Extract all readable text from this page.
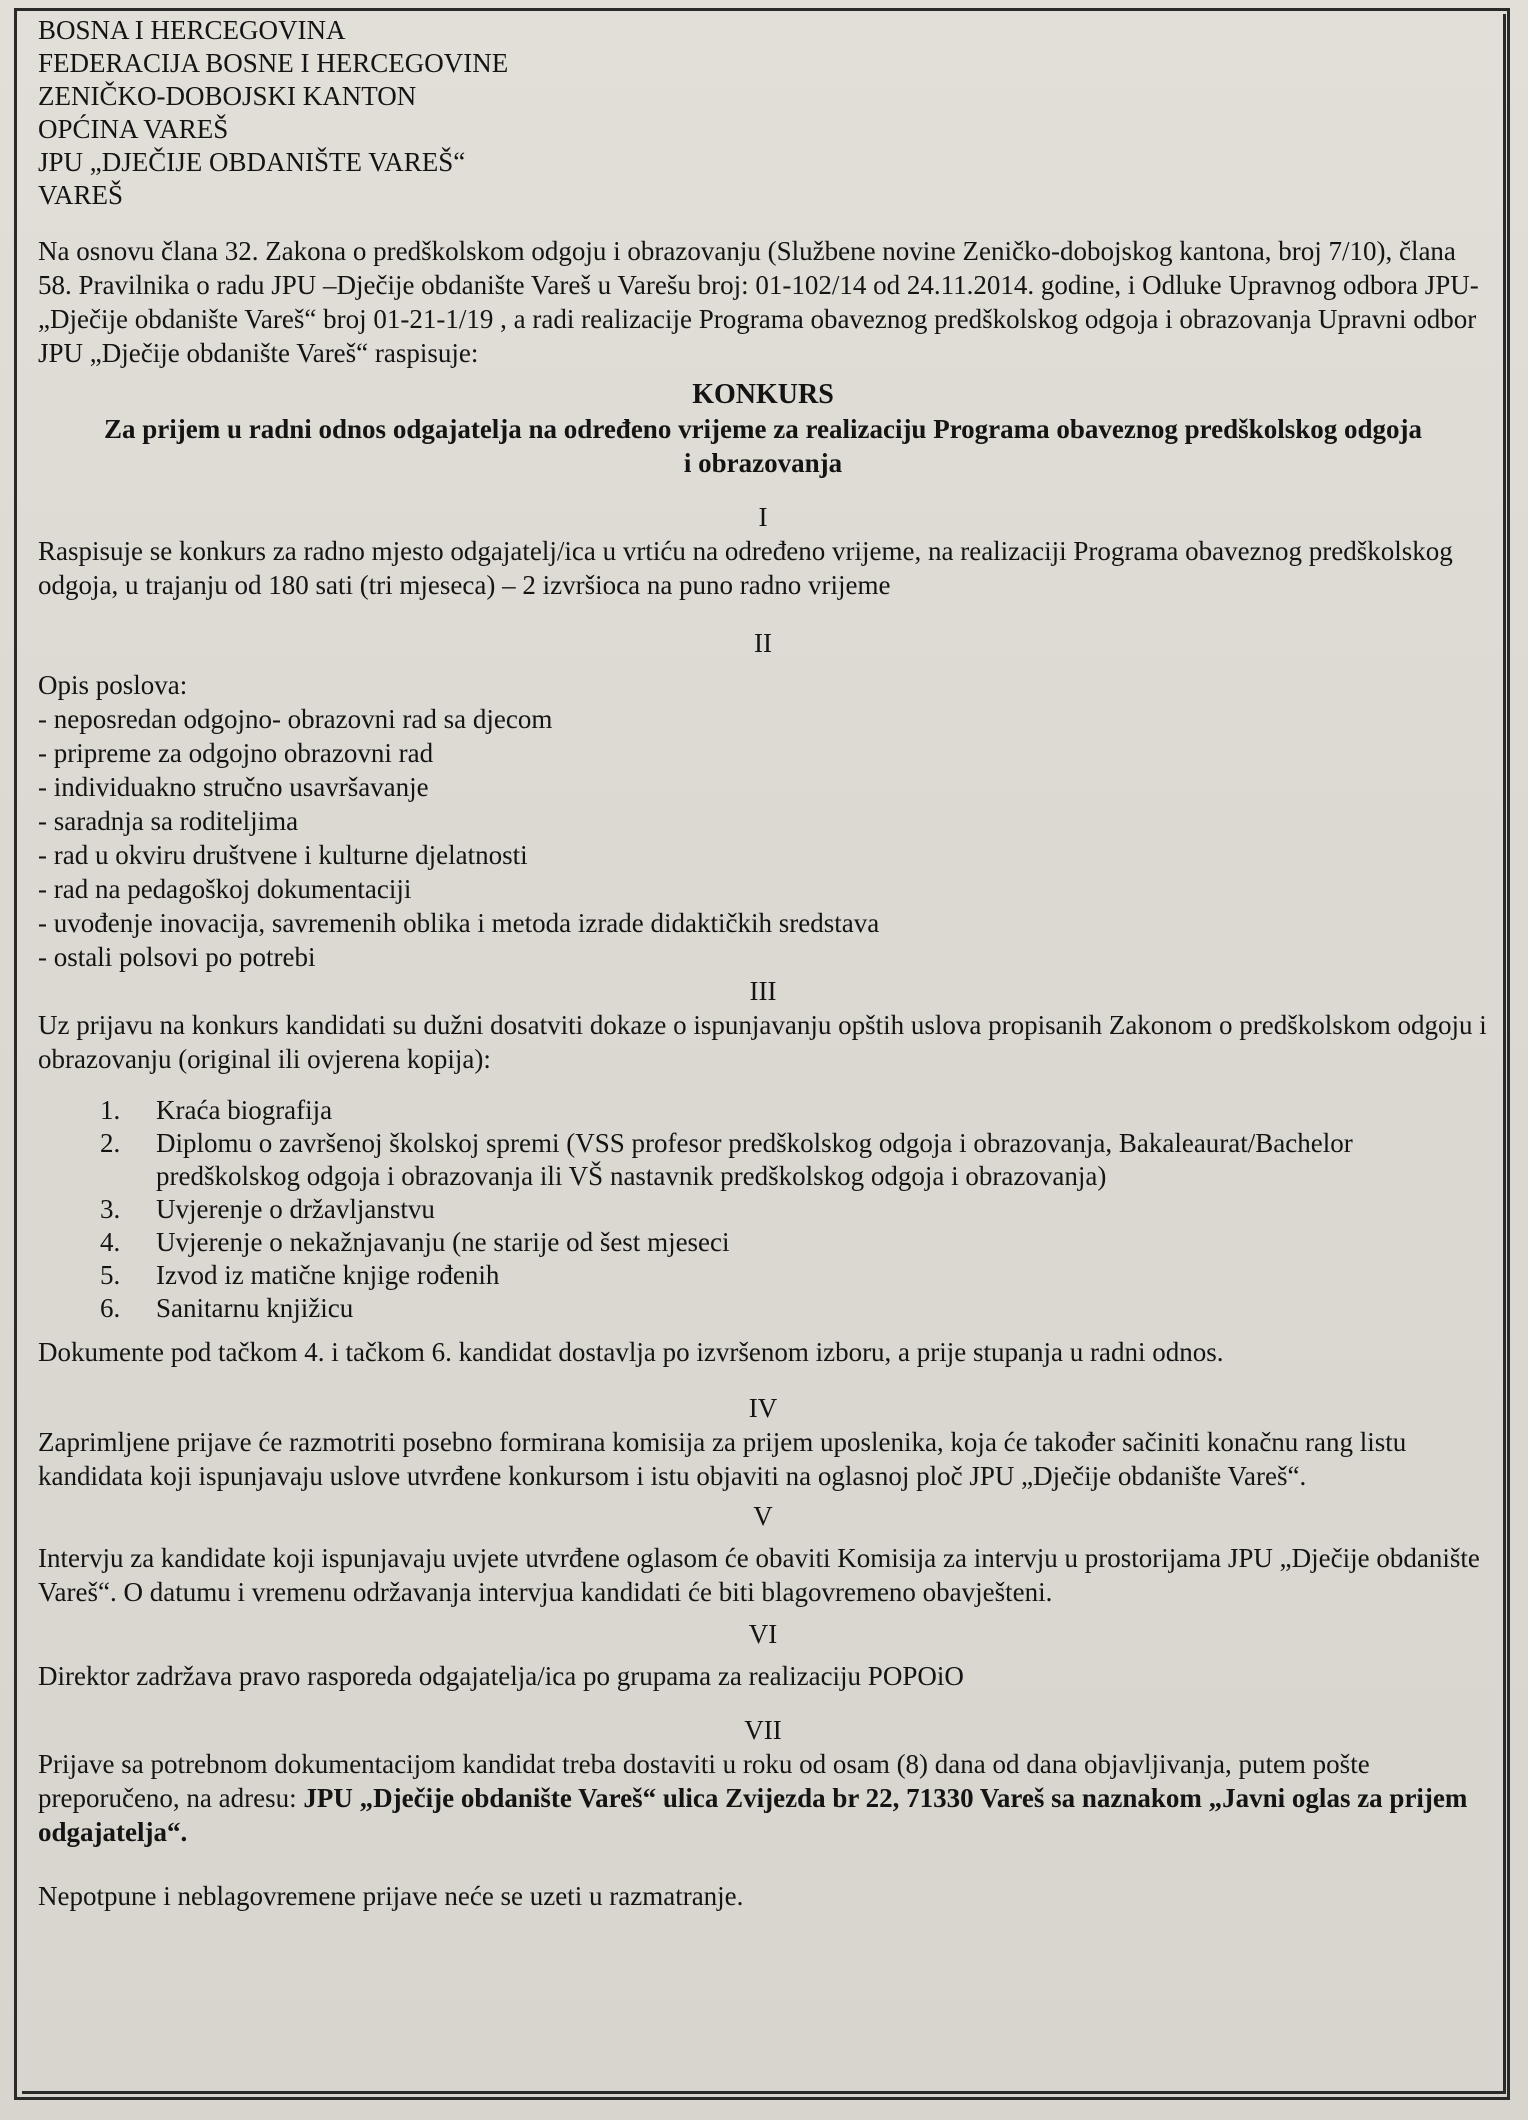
BOSNA I HERCEGOVINA
FEDERACIJA BOSNE I HERCEGOVINE
ZENIČKO-DOBOJSKI KANTON
OPĆINA VAREŠ
JPU „DJEČIJE OBDANIŠTE VAREŠ“
VAREŠ

Na osnovu člana 32. Zakona o predškolskom odgoju i obrazovanju (Službene novine Zeničko-dobojskog kantona, broj 7/10), člana 58. Pravilnika o radu JPU –Dječije obdanište Vareš u Varešu broj: 01-102/14 od 24.11.2014. godine, i Odluke Upravnog odbora JPU- „Dječije obdanište Vareš“ broj 01-21-1/19 , a radi realizacije Programa obaveznog predškolskog odgoja i obrazovanja Upravni odbor JPU „Dječije obdanište Vareš“ raspisuje:

KONKURS

Za prijem u radni odnos odgajatelja na određeno vrijeme za realizaciju Programa obaveznog predškolskog odgoja i obrazovanja

I

Raspisuje se konkurs za radno mjesto odgajatelj/ica u vrtiću na određeno vrijeme, na realizaciji Programa obaveznog predškolskog odgoja, u trajanju od 180 sati (tri mjeseca) – 2 izvršioca na puno radno vrijeme

II

Opis poslova:

- neposredan odgojno- obrazovni rad sa djecom
- pripreme za odgojno obrazovni rad
- individuakno stručno usavršavanje
- saradnja sa roditeljima
- rad u okviru društvene i kulturne djelatnosti
- rad na pedagoškoj dokumentaciji
- uvođenje inovacija, savremenih oblika i metoda izrade didaktičkih sredstava
- ostali polsovi po potrebi

III

Uz prijavu na konkurs kandidati su dužni dosatviti dokaze o ispunjavanju opštih uslova propisanih Zakonom o predškolskom odgoju i obrazovanju (original ili ovjerena kopija):

1.	Kraća biografija
2.	Diplomu o završenoj školskoj spremi (VSS profesor predškolskog odgoja i obrazovanja, Bakaleaurat/Bachelor predškolskog odgoja i obrazovanja ili VŠ nastavnik predškolskog odgoja i obrazovanja)
3.	Uvjerenje o državljanstvu
4.	Uvjerenje o nekažnjavanju (ne starije od šest mjeseci
5.	Izvod iz matične knjige rođenih
6.	Sanitarnu knjižicu

Dokumente pod tačkom 4. i tačkom 6. kandidat dostavlja po izvršenom izboru, a prije stupanja u radni odnos.

IV

Zaprimljene prijave će razmotriti posebno formirana komisija za prijem uposlenika, koja će također sačiniti konačnu rang listu kandidata koji ispunjavaju uslove utvrđene konkursom i istu objaviti na oglasnoj ploč JPU „Dječije obdanište Vareš“.

V

Intervju za kandidate koji ispunjavaju uvjete utvrđene oglasom će obaviti Komisija za intervju u prostorijama JPU „Dječije obdanište Vareš“. O datumu i vremenu održavanja intervjua kandidati će biti blagovremeno obavješteni.

VI

Direktor zadržava pravo rasporeda odgajatelja/ica po grupama za realizaciju POPOiO

VII

Prijave sa potrebnom dokumentacijom kandidat treba dostaviti u roku od osam (8) dana od dana objavljivanja, putem pošte preporučeno, na adresu: JPU „Dječije obdanište Vareš“ ulica Zvijezda br 22, 71330 Vareš sa naznakom „Javni oglas za prijem odgajatelja“.

Nepotpune i neblagovremene prijave neće se uzeti u razmatranje.
